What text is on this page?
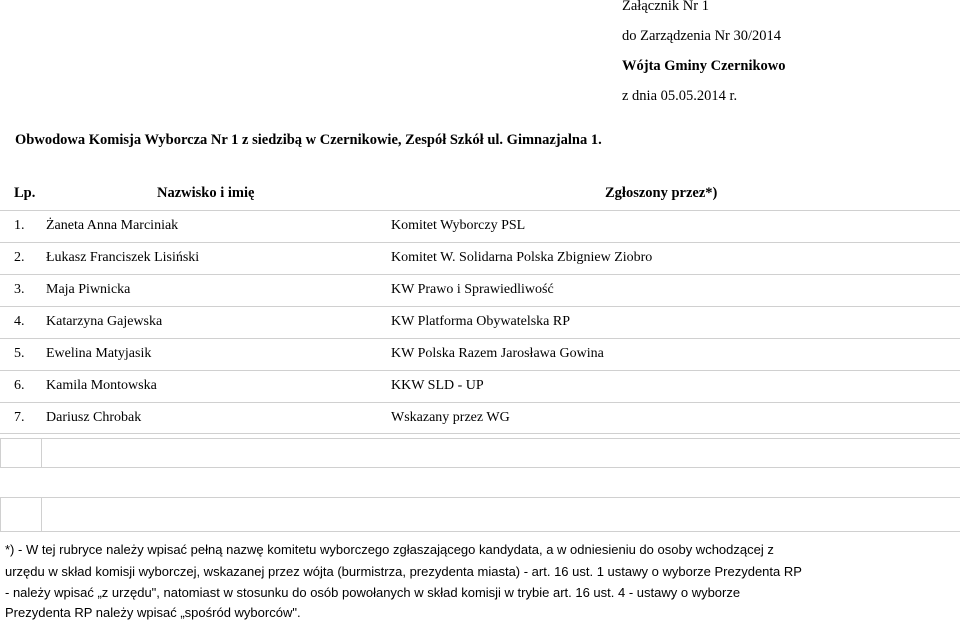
Załącznik Nr 1
do Zarządzenia Nr 30/2014
Wójta Gminy Czernikowo
z dnia 05.05.2014 r.
Obwodowa Komisja Wyborcza Nr 1 z siedzibą w Czernikowie, Zespół Szkół ul. Gimnazjalna 1.
Lp.	Nazwisko i imię	Zgłoszony przez*)
1. Żaneta Anna Marciniak	Komitet Wyborczy PSL
2. Łukasz Franciszek Lisiński	Komitet W. Solidarna Polska Zbigniew Ziobro
3. Maja Piwnicka	KW Prawo i Sprawiedliwość
4. Katarzyna Gajewska	KW Platforma Obywatelska RP
5. Ewelina Matyjasik	KW Polska Razem Jarosława Gowina
6. Kamila Montowska	KKW SLD - UP
7. Dariusz Chrobak	Wskazany przez WG
*) - W tej rubryce należy wpisać pełną nazwę komitetu wyborczego zgłaszającego kandydata, a w odniesieniu do osoby wchodzącej z
urzędu w skład komisji wyborczej, wskazanej przez wójta (burmistrza, prezydenta miasta) - art. 16 ust. 1 ustawy o wyborze Prezydenta RP
- należy wpisać „z urzędu", natomiast w stosunku do osób powołanych w skład komisji w trybie art. 16 ust. 4 - ustawy o wyborze
Prezydenta RP należy wpisać „spośród wyborców".
